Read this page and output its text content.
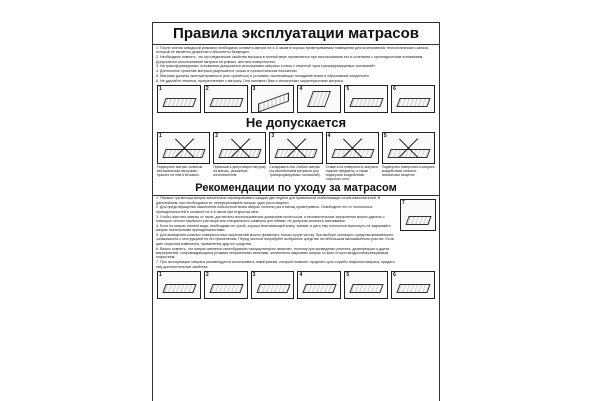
Правила эксплуатации матрасов

1. После снятия заводской упаковки необходимо оставить матрас на 4-6 часов в хорошо проветриваемом помещении для исчезновения технологического запаха, который не является дефектом и абсолютно безвреден.

2. Необходимо помнить, что ортопедические свойства матраса в полной мере проявляются при использовании его в сочетании с ортопедическим основанием. Допускается использование матраса на ровных, жестких поверхностях.

3. На трансформируемых основаниях допускается использовать матрасы только с отметкой «для трансформируемых оснований».

4. Длительное хранение матраса разрешается только в горизонтальном положении.

5. Матрасы должны эксплуатироваться (или храниться) в условиях, исключающих попадание влаги и образование конденсата.

6. Не удаляйте этикетки, прикрепленные к матрасу. Они напомнят Вам о технических характеристиках матраса.

1	2	3	4	5	6
Не допускается
1	2	3	4	5
Подвергать матрас сильным вертикальным нагрузкам, прыгать на нём и вставать.
Превышать допустимую нагрузку на матрас, указанную изготовителем.
Складывать или сгибать матрас (за исключением матрасов для трансформируемых оснований).
Ставить на поверхность матраса горячие предметы, а также подвергать воздействию открытого огня.
Подвергать поверхность матраса воздействию сильных химических веществ.
Рекомендации по уходу за матрасом

1. Первые три месяца матрас желательно переворачивать каждые две недели для правильной стабилизации слоев наполнителей. В дальнейшем, при необходимости, переворачивайте матрас один раз в квартал.

2. Для предотвращения накопления избыточной влаги матрас полезно раз в месяц проветривать. Освободите его от постельных принадлежностей и оставьте на 4-6 часов при открытом окне.

3. Чтобы очистить матрас от пыли, достаточно воспользоваться домашним пылесосом, а незначительные загрязнения можно удалить с помощью легкого мыльного раствора или специального шампуня для обивки, не допуская сильного смачивания.

4. Если на матрас попала вода, необходимо ее сухой, хорошо впитывающей влагу, тканью, и дать ему полностью высохнуть не закрывайте матрас постельными принадлежностями.

5. Для выведения сильных поверхностных загрязнений можно применять только сухую чистку. При выборе чистящего средства внимательно ознакомьтесь с инструкцией по его применению. Перед чисткой попробуйте выбранное средство на небольшом малозаметном участке. Если цвет покрытия изменился, применение другого средства.

6. Важно помнить, что матрас является своеобразным «аккумулятором запахов», поэтому при проведении ремонта, дезинфекции и других мероприятий, сопровождающихся резкими неприятными запахами, желательно закрывать матрас со всех сторон воздухонепроницаемым покрытием.

7. При эксплуатации матраса рекомендуется использовать наматрасник, который позволит продлить срок службы покрытия матраса, придать ему дополнительные свойства.

7
1	2	3	4	5	6
